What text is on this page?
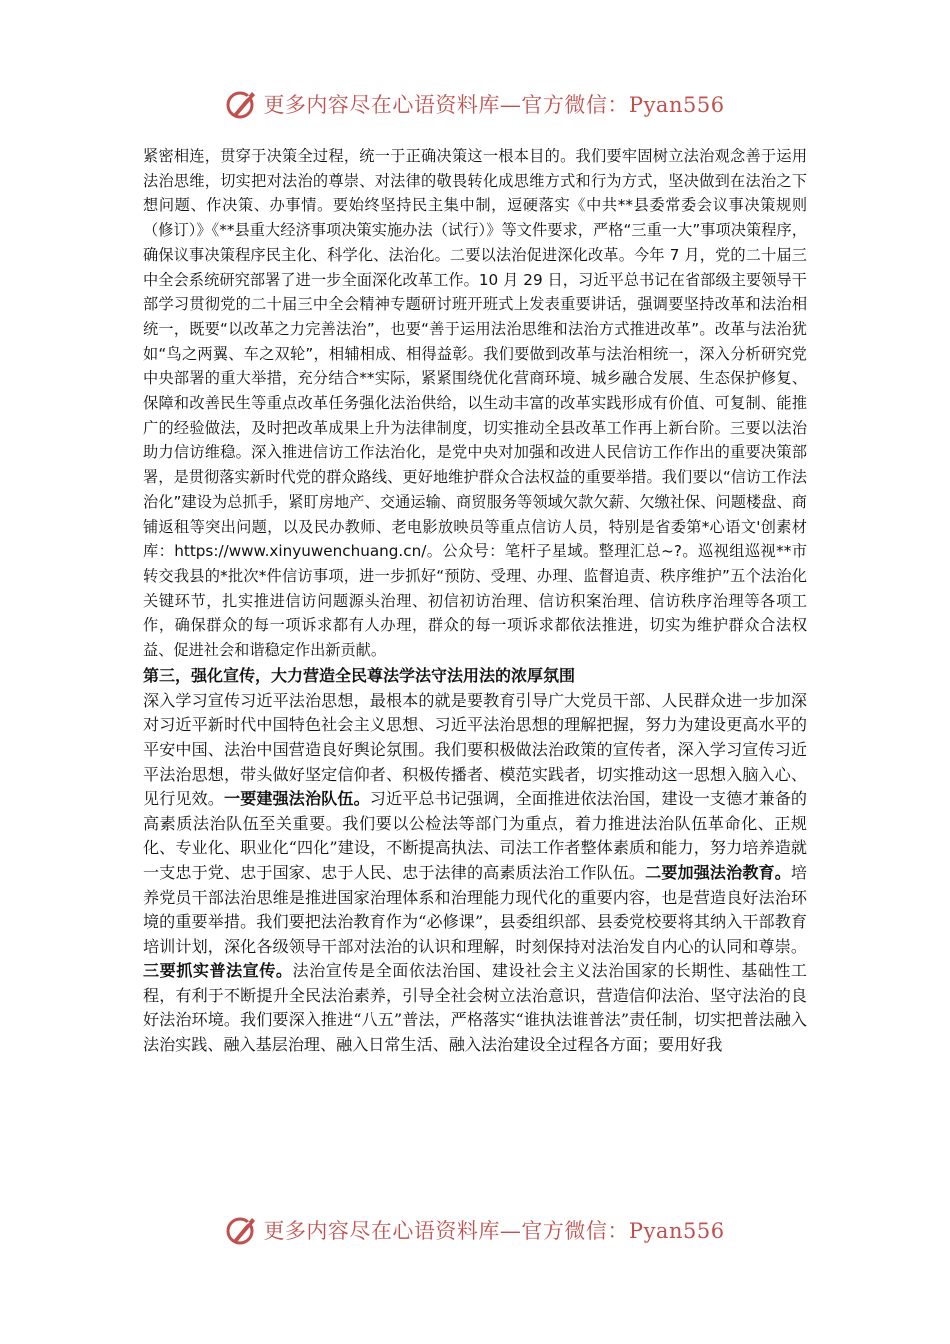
更多内容尽在心语资料库—官方微信：Pyan556

紧密相连，贯穿于决策全过程，统一于正确决策这一根本目的。我们要牢固树立法治观念善于运用法治思维，切实把对法治的尊崇、对法律的敬畏转化成思维方式和行为方式，坚决做到在法治之下想问题、作决策、办事情。要始终坚持民主集中制，逗硬落实《中共**县委常委会议事决策规则（修订）》《**县重大经济事项决策实施办法（试行）》等文件要求，严格“三重一大”事项决策程序，确保议事决策程序民主化、科学化、法治化。二要以法治促进深化改革。今年 7 月，党的二十届三中全会系统研究部署了进一步全面深化改革工作。10 月 29 日，习近平总书记在省部级主要领导干部学习贯彻党的二十届三中全会精神专题研讨班开班式上发表重要讲话，强调要坚持改革和法治相统一，既要“以改革之力完善法治”，也要“善于运用法治思维和法治方式推进改革”。改革与法治犹如“鸟之两翼、车之双轮”，相辅相成、相得益彰。我们要做到改革与法治相统一，深入分析研究党中央部署的重大举措，充分结合**实际，紧紧围绕优化营商环境、城乡融合发展、生态保护修复、保障和改善民生等重点改革任务强化法治供给，以生动丰富的改革实践形成有价值、可复制、能推广的经验做法，及时把改革成果上升为法律制度，切实推动全县改革工作再上新台阶。三要以法治助力信访维稳。深入推进信访工作法治化，是党中央对加强和改进人民信访工作作出的重要决策部署，是贯彻落实新时代党的群众路线、更好地维护群众合法权益的重要举措。我们要以“信访工作法治化”建设为总抓手，紧盯房地产、交通运输、商贸服务等领域欠款欠薪、欠缴社保、问题楼盘、商铺返租等突出问题，以及民办教师、老电影放映员等重点信访人员，特别是省委第*心语文'创素材库：https://www.xinyuwenchuang.cn/。公众号：笔杆子星域。整理汇总~?。巡视组巡视**市转交我县的*批次*件信访事项，进一步抓好“预防、受理、办理、监督追责、秩序维护”五个法治化关键环节，扎实推进信访问题源头治理、初信初访治理、信访积案治理、信访秩序治理等各项工作，确保群众的每一项诉求都有人办理，群众的每一项诉求都依法推进，切实为维护群众合法权益、促进社会和谐稳定作出新贡献。

第三，强化宣传，大力营造全民尊法学法守法用法的浓厚氛围

深入学习宣传习近平法治思想，最根本的就是要教育引导广大党员干部、人民群众进一步加深对习近平新时代中国特色社会主义思想、习近平法治思想的理解把握，努力为建设更高水平的平安中国、法治中国营造良好舆论氛围。我们要积极做法治政策的宣传者，深入学习宣传习近平法治思想，带头做好坚定信仰者、积极传播者、模范实践者，切实推动这一思想入脑入心、见行见效。一要建强法治队伍。习近平总书记强调，全面推进依法治国，建设一支德才兼备的高素质法治队伍至关重要。我们要以公检法等部门为重点，着力推进法治队伍革命化、正规化、专业化、职业化“四化”建设，不断提高执法、司法工作者整体素质和能力，努力培养造就一支忠于党、忠于国家、忠于人民、忠于法律的高素质法治工作队伍。二要加强法治教育。培养党员干部法治思维是推进国家治理体系和治理能力现代化的重要内容，也是营造良好法治环境的重要举措。我们要把法治教育作为“必修课”，县委组织部、县委党校要将其纳入干部教育培训计划，深化各级领导干部对法治的认识和理解，时刻保持对法治发自内心的认同和尊崇。三要抓实普法宣传。法治宣传是全面依法治国、建设社会主义法治国家的长期性、基础性工程，有利于不断提升全民法治素养，引导全社会树立法治意识，营造信仰法治、坚守法治的良好法治环境。我们要深入推进“八五”普法，严格落实“谁执法谁普法”责任制，切实把普法融入法治实践、融入基层治理、融入日常生活、融入法治建设全过程各方面；要用好我

更多内容尽在心语资料库—官方微信：Pyan556
